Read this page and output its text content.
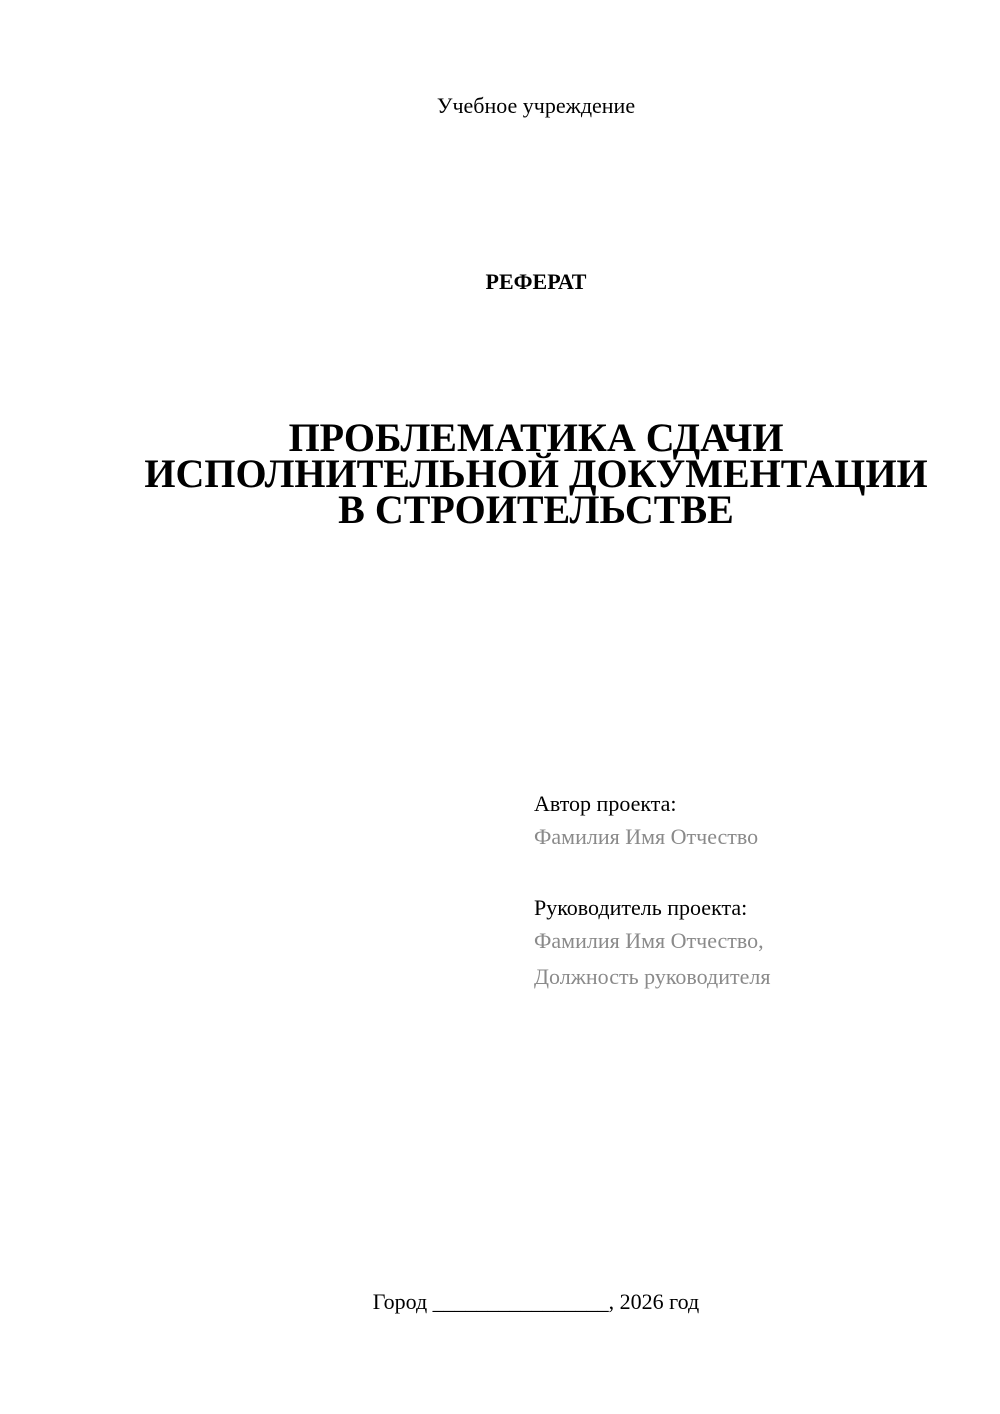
Учебное учреждение
РЕФЕРАТ
ПРОБЛЕМАТИКА СДАЧИ
ИСПОЛНИТЕЛЬНОЙ ДОКУМЕНТАЦИИ
В СТРОИТЕЛЬСТВЕ
Автор проекта:
Фамилия Имя Отчество
Руководитель проекта:
Фамилия Имя Отчество,
Должность руководителя
Город ________________, 2026 год
